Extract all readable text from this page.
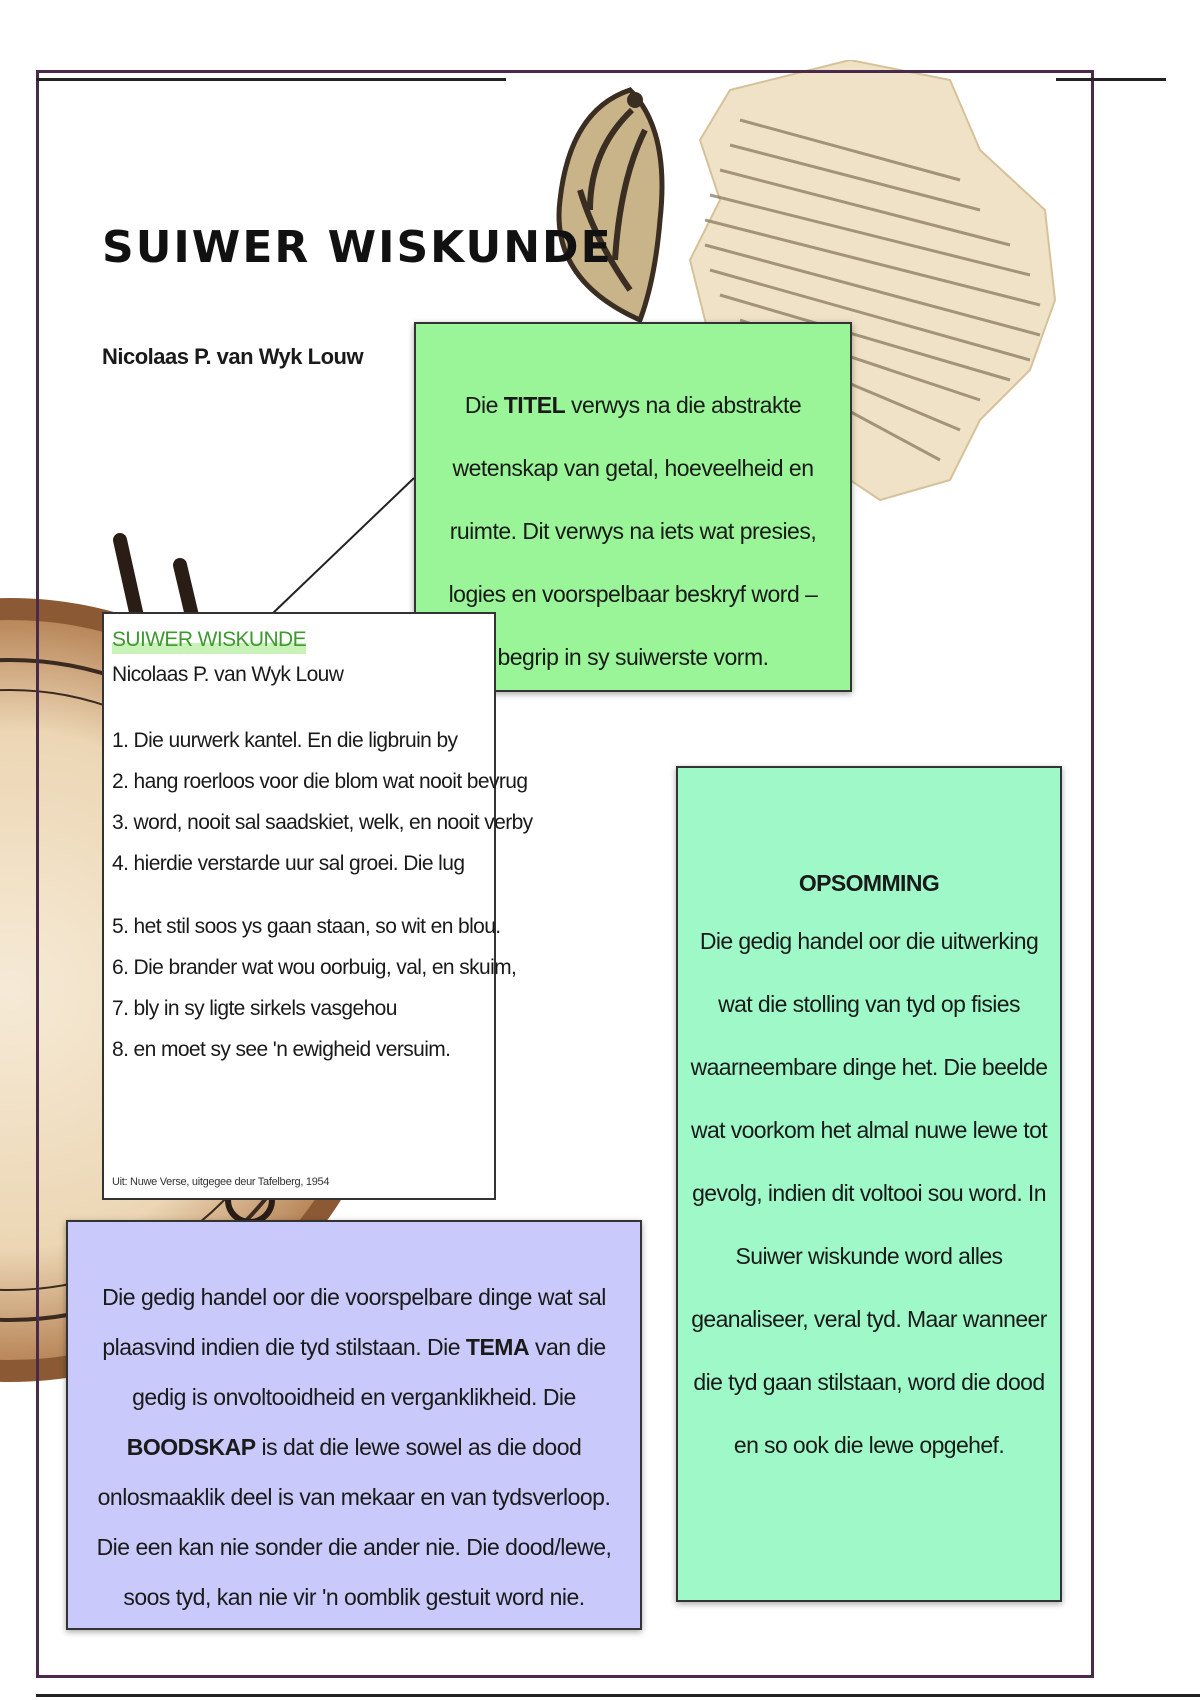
SUIWER WISKUNDE

Nicolaas P. van Wyk Louw

Die TITEL verwys na die abstrakte wetenskap van getal, hoeveelheid en ruimte. Dit verwys na iets wat presies, logies en voorspelbaar beskryf word – begrip in sy suiwerste vorm.

SUIWER WISKUNDE
Nicolaas P. van Wyk Louw
1. Die uurwerk kantel. En die ligbruin by
2. hang roerloos voor die blom wat nooit bevrug
3. word, nooit sal saadskiet, welk, en nooit verby
4. hierdie verstarde uur sal groei. Die lug
5. het stil soos ys gaan staan, so wit en blou.
6. Die brander wat wou oorbuig, val, en skuim,
7. bly in sy ligte sirkels vasgehou
8. en moet sy see 'n ewigheid versuim.
Uit: Nuwe Verse, uitgegee deur Tafelberg, 1954

Die gedig handel oor die voorspelbare dinge wat sal plaasvind indien die tyd stilstaan. Die TEMA van die gedig is onvoltooidheid en verganklikheid. Die BOODSKAP is dat die lewe sowel as die dood onlosmaaklik deel is van mekaar en van tydsverloop. Die een kan nie sonder die ander nie. Die dood/lewe, soos tyd, kan nie vir 'n oomblik gestuit word nie.

OPSOMMING

Die gedig handel oor die uitwerking wat die stolling van tyd op fisies waarneembare dinge het. Die beelde wat voorkom het almal nuwe lewe tot gevolg, indien dit voltooi sou word. In Suiwer wiskunde word alles geanaliseer, veral tyd. Maar wanneer die tyd gaan stilstaan, word die dood en so ook die lewe opgehef.
